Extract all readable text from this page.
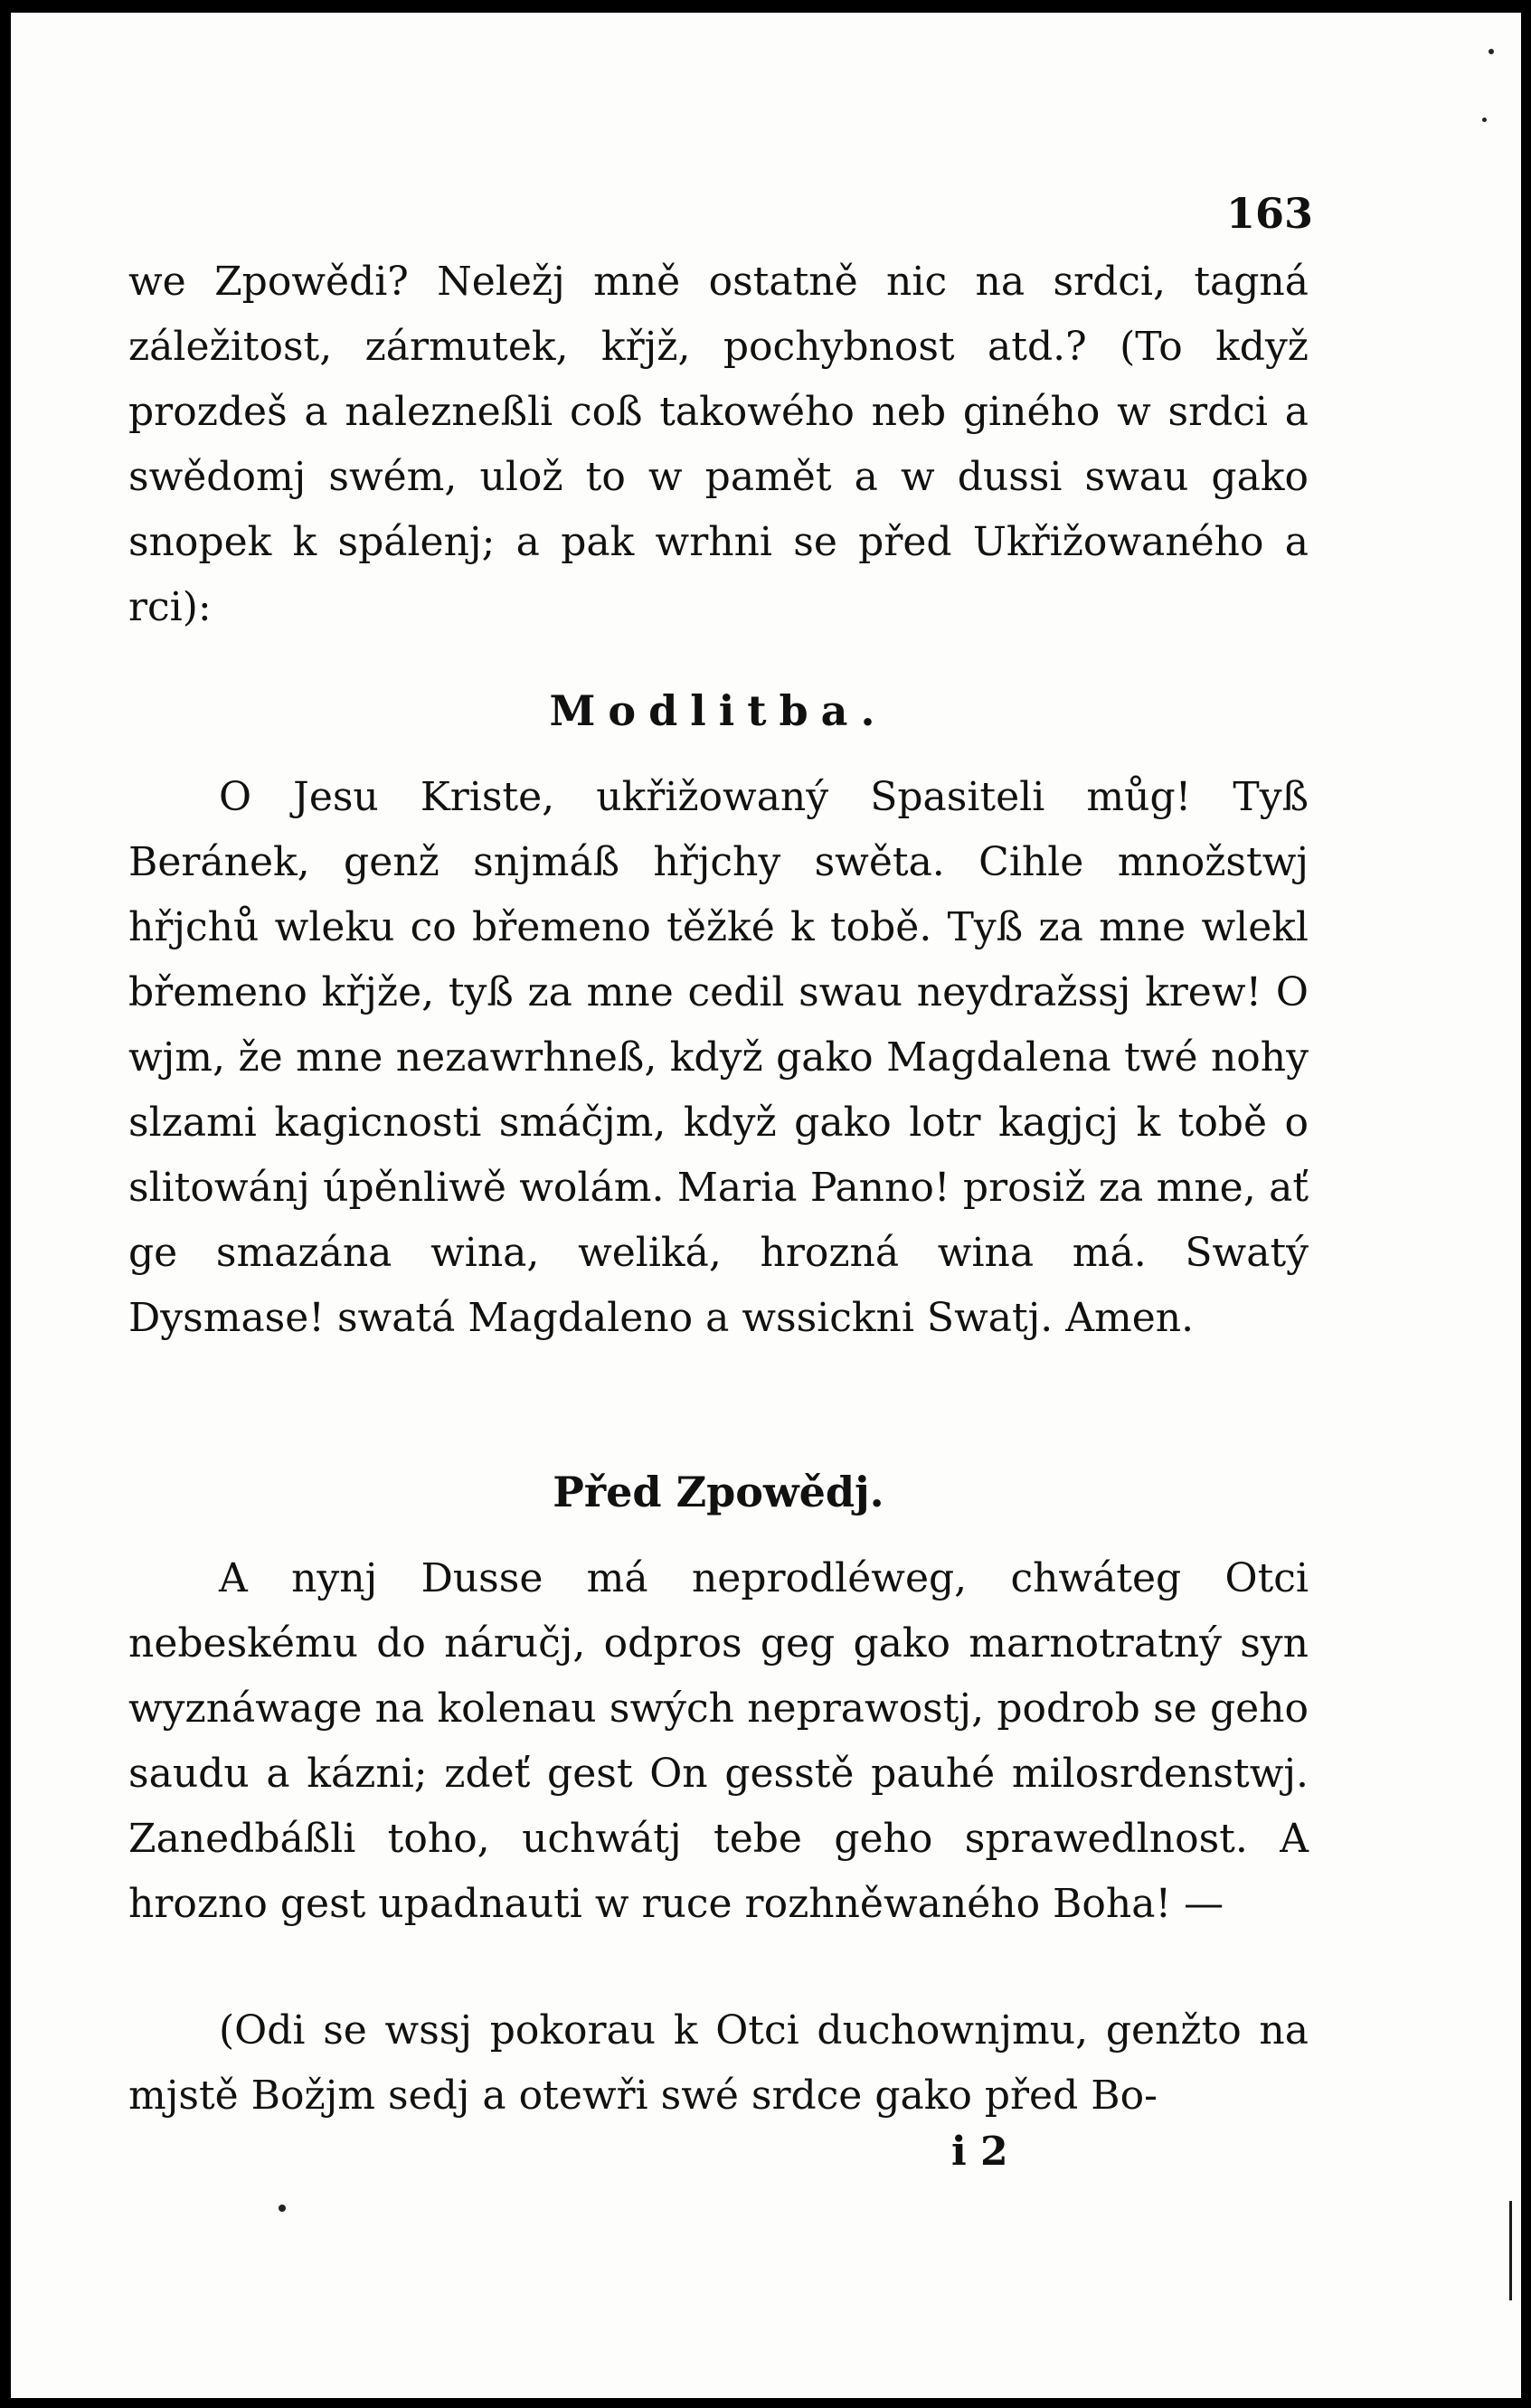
163

we Zpowědi? Neležj mně ostatně nic na srdci, tagná záležitost, zármutek, křjž, pochybnost atd.? (To když prozdeš a nalezneßli coß takowého neb giného w srdci a swědomj swém, ulož to w pamět a w dussi swau gako snopek k spálenj; a pak wrhni se před Ukřižowaného a rci):

Modlitba.

O Jesu Kriste, ukřižowaný Spasiteli můg! Tyß Beránek, genž snjmáß hřjchy swěta. Cihle množstwj hřjchů wleku co břemeno těžké k tobě. Tyß za mne wlekl břemeno křjže, tyß za mne cedil swau neydražssj krew! O wjm, že mne nezawrhneß, když gako Magdalena twé nohy slzami kagicnosti smáčjm, když gako lotr kagjcj k tobě o slitowánj úpěnliwě wolám. Maria Panno! prosiž za mne, ať ge smazána wina, weliká, hrozná wina má. Swatý Dysmase! swatá Magdaleno a wssickni Swatj. Amen.

Před Zpowědj.

A nynj Dusse má neprodléweg, chwáteg Otci nebeskému do náručj, odpros geg gako marnotratný syn wyznáwage na kolenau swých neprawostj, podrob se geho saudu a kázni; zdeť gest On gesstě pauhé milosrdenstwj. Zanedbáßli toho, uchwátj tebe geho sprawedlnost. A hrozno gest upadnauti w ruce rozhněwaného Boha! —

(Odi se wssj pokorau k Otci duchownjmu, genžto na mjstě Božjm sedj a otewři swé srdce gako před Bo-

i 2
